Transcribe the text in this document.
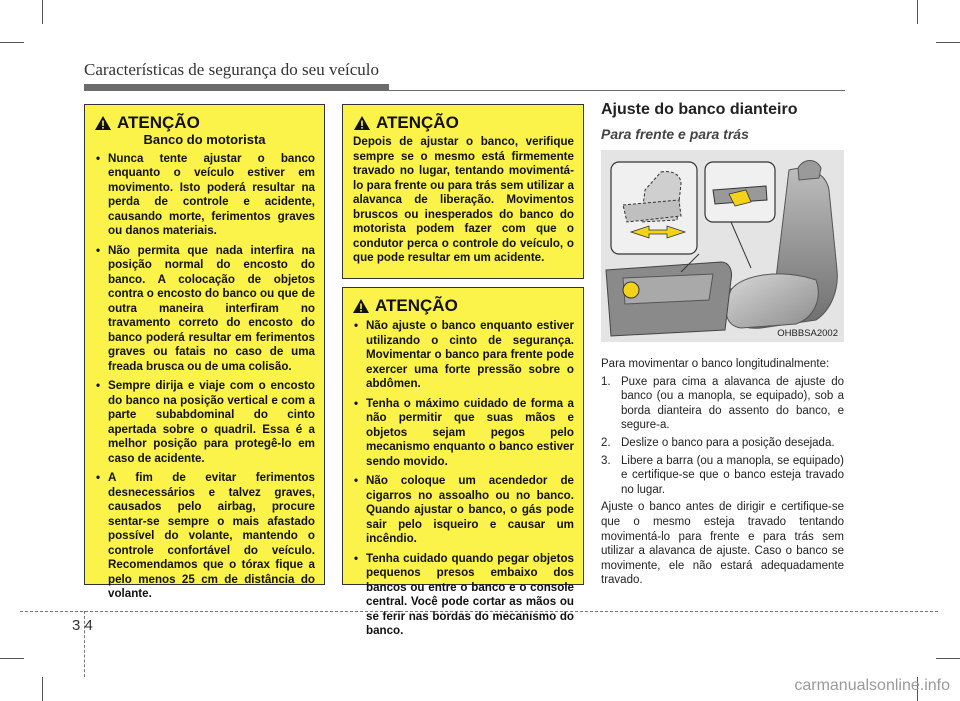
Características de segurança do seu veículo
ATENÇÃO
Banco do motorista
• Nunca tente ajustar o banco enquanto o veículo estiver em movimento. Isto poderá resultar na perda de controle e acidente, causando morte, ferimentos graves ou danos materiais.
• Não permita que nada interfira na posição normal do encosto do banco. A colocação de objetos contra o encosto do banco ou que de outra maneira interfiram no travamento correto do encosto do banco poderá resultar em ferimentos graves ou fatais no caso de uma freada brusca ou de uma colisão.
• Sempre dirija e viaje com o encosto do banco na posição vertical e com a parte subabdominal do cinto apertada sobre o quadril. Essa é a melhor posição para protegê-lo em caso de acidente.
• A fim de evitar ferimentos desnecessários e talvez graves, causados pelo airbag, procure sentar-se sempre o mais afastado possível do volante, mantendo o controle confortável do veículo. Recomendamos que o tórax fique a pelo menos 25 cm de distância do volante.
ATENÇÃO

Depois de ajustar o banco, verifique sempre se o mesmo está firmemente travado no lugar, tentando movimentá-lo para frente ou para trás sem utilizar a alavanca de liberação. Movimentos bruscos ou inesperados do banco do motorista podem fazer com que o condutor perca o controle do veículo, o que pode resultar em um acidente.

ATENÇÃO
• Não ajuste o banco enquanto estiver utilizando o cinto de segurança. Movimentar o banco para frente pode exercer uma forte pressão sobre o abdômen.
• Tenha o máximo cuidado de forma a não permitir que suas mãos e objetos sejam pegos pelo mecanismo enquanto o banco estiver sendo movido.
• Não coloque um acendedor de cigarros no assoalho ou no banco. Quando ajustar o banco, o gás pode sair pelo isqueiro e causar um incêndio.
• Tenha cuidado quando pegar objetos pequenos presos embaixo dos bancos ou entre o banco e o console central. Você pode cortar as mãos ou se ferir nas bordas do mecanismo do banco.
Ajuste do banco dianteiro
Para frente e para trás
OHBBSA2002

Para movimentar o banco longitudinalmente:

1. Puxe para cima a alavanca de ajuste do banco (ou a manopla, se equipado), sob a borda dianteira do assento do banco, e segure-a.
2. Deslize o banco para a posição desejada.
3. Libere a barra (ou a manopla, se equipado) e certifique-se que o banco esteja travado no lugar.

Ajuste o banco antes de dirigir e certifique-se que o mesmo esteja travado tentando movimentá-lo para frente e para trás sem utilizar a alavanca de ajuste. Caso o banco se movimente, ele não estará adequadamente travado.

3 4
carmanualsonline.info
